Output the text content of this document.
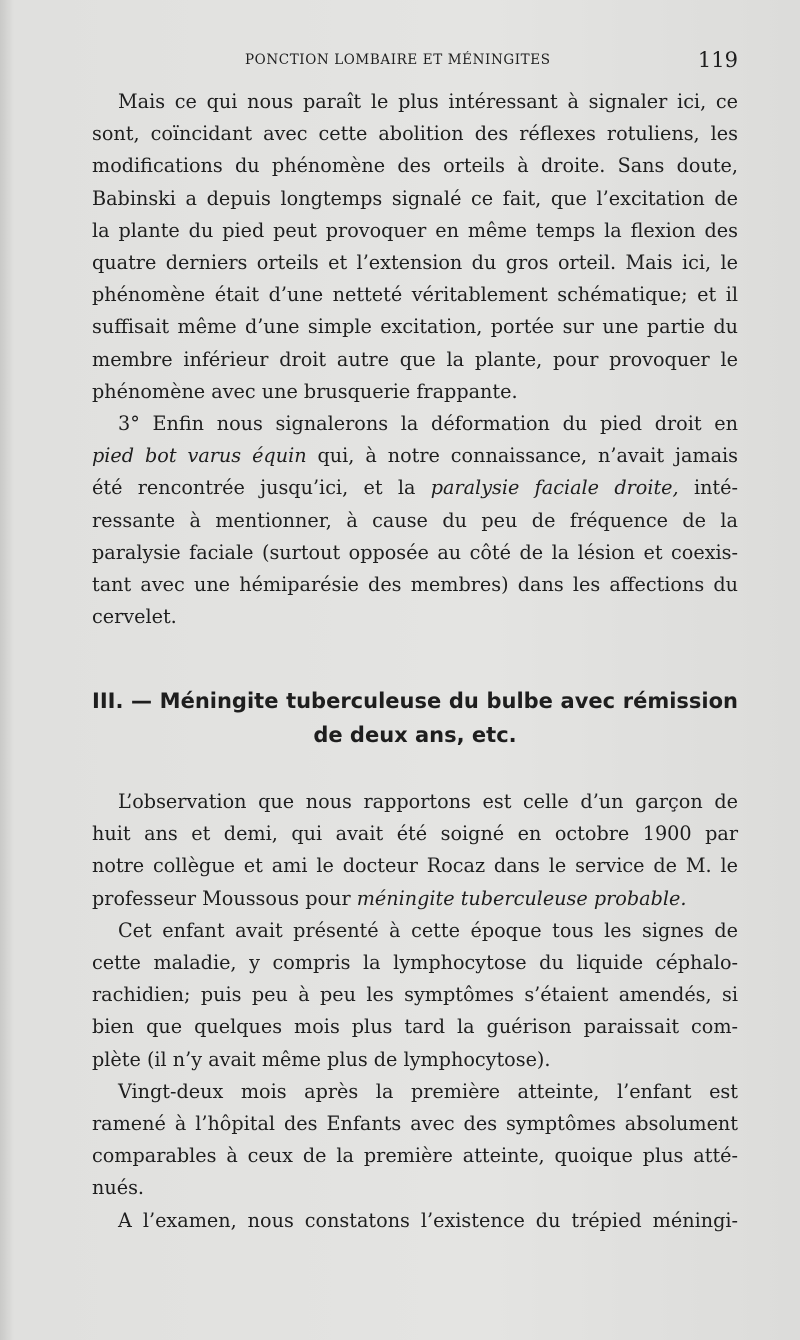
PONCTION LOMBAIRE ET MÉNINGITES	119
Mais ce qui nous paraît le plus intéressant à signaler ici, ce
sont, coïncidant avec cette abolition des réflexes rotuliens, les
modifications du phénomène des orteils à droite. Sans doute,
Babinski a depuis longtemps signalé ce fait, que l’excitation de
la plante du pied peut provoquer en même temps la flexion des
quatre derniers orteils et l’extension du gros orteil. Mais ici, le
phénomène était d’une netteté véritablement schématique; et il
suffisait même d’une simple excitation, portée sur une partie du
membre inférieur droit autre que la plante, pour provoquer le
phénomène avec une brusquerie frappante.
3° Enfin nous signalerons la déformation du pied droit en
pied bot varus équin qui, à notre connaissance, n’avait jamais
été rencontrée jusqu’ici, et la paralysie faciale droite, inté-
ressante à mentionner, à cause du peu de fréquence de la
paralysie faciale (surtout opposée au côté de la lésion et coexis-
tant avec une hémiparésie des membres) dans les affections du
cervelet.
III. — Méningite tuberculeuse du bulbe avec rémission
de deux ans, etc.
L’observation que nous rapportons est celle d’un garçon de
huit ans et demi, qui avait été soigné en octobre 1900 par
notre collègue et ami le docteur Rocaz dans le service de M. le
professeur Moussous pour méningite tuberculeuse probable.
Cet enfant avait présenté à cette époque tous les signes de
cette maladie, y compris la lymphocytose du liquide céphalo-
rachidien; puis peu à peu les symptômes s’étaient amendés, si
bien que quelques mois plus tard la guérison paraissait com-
plète (il n’y avait même plus de lymphocytose).
Vingt-deux mois après la première atteinte, l’enfant est
ramené à l’hôpital des Enfants avec des symptômes absolument
comparables à ceux de la première atteinte, quoique plus atté-
nués.
A l’examen, nous constatons l’existence du trépied méningi-
